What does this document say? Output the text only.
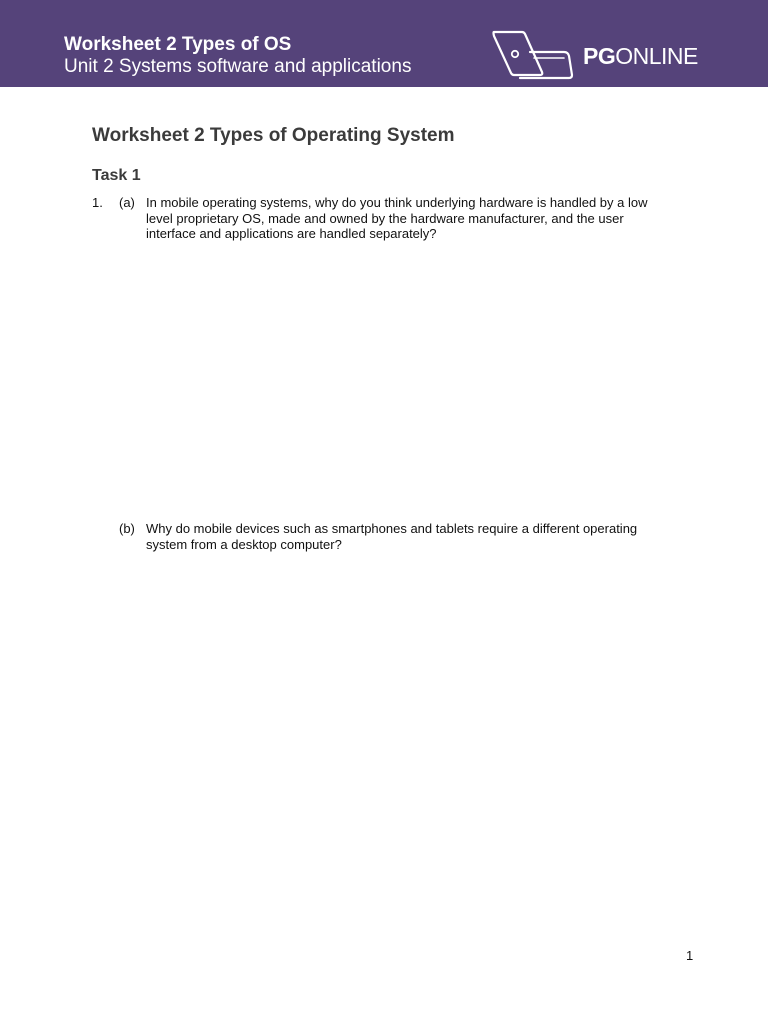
Worksheet 2 Types of OS
Unit 2 Systems software and applications	PGONLINE
Worksheet 2 Types of Operating System
Task 1
1. (a) In mobile operating systems, why do you think underlying hardware is handled by a low
level proprietary OS, made and owned by the hardware manufacturer, and the user
interface and applications are handled separately?
(b) Why do mobile devices such as smartphones and tablets require a different operating
system from a desktop computer?
1
